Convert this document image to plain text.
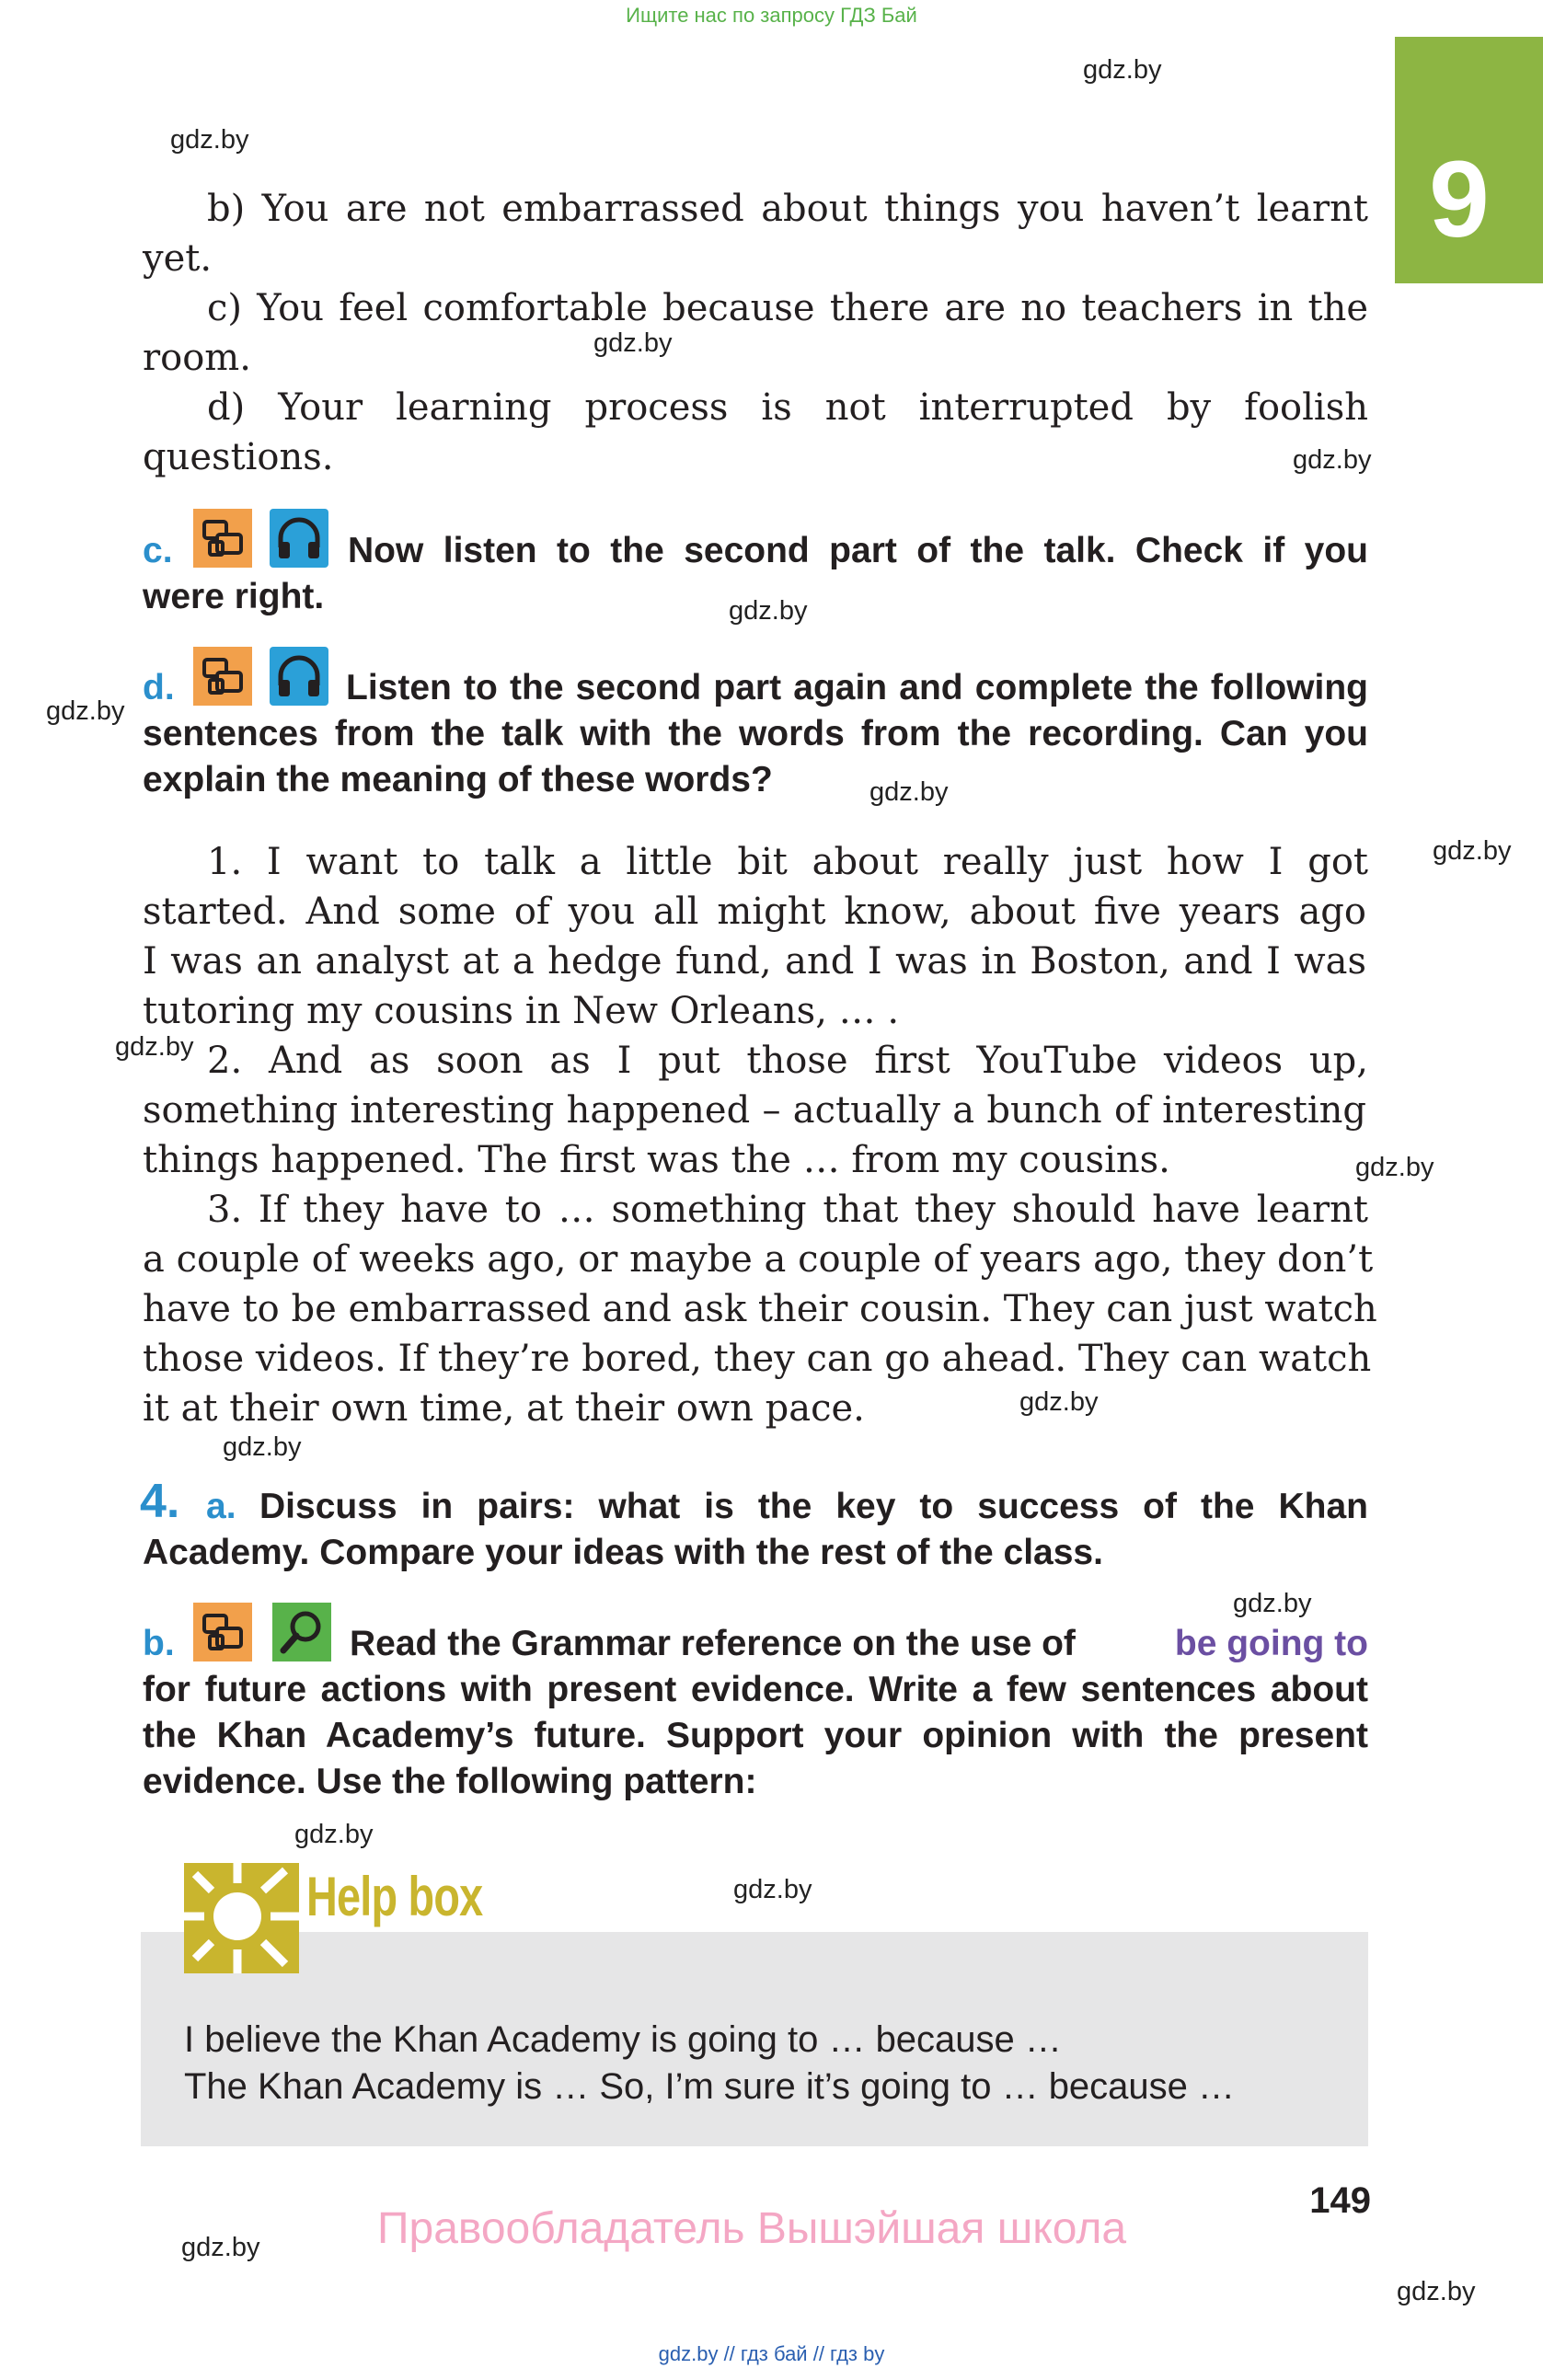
Ищите нас по запросу ГДЗ Бай
9
gdz.by
gdz.by
gdz.by
gdz.by
gdz.by
gdz.by
gdz.by
gdz.by
gdz.by
gdz.by
gdz.by
gdz.by
gdz.by
gdz.by
gdz.by
gdz.by
gdz.by
b) You are not embarrassed about things you haven’t learnt
yet.
c) You feel comfortable because there are no teachers in the
room.
d) Your learning process is not interrupted by foolish
questions.
c.	Now listen to the second part of the talk. Check if you
were right.
d.	Listen to the second part again and complete the following
sentences from the talk with the words from the recording. Can you
explain the meaning of these words?
1. I want to talk a little bit about really just how I got
started. And some of you all might know, about five years ago
I was an analyst at a hedge fund, and I was in Boston, and I was
tutoring my cousins in New Orleans, … .
2. And as soon as I put those first YouTube videos up,
something interesting happened – actually a bunch of interesting
things happened. The first was the … from my cousins.
3. If they have to … something that they should have learnt
a couple of weeks ago, or maybe a couple of years ago, they don’t
have to be embarrassed and ask their cousin. They can just watch
those videos. If they’re bored, they can go ahead. They can watch
it at their own time, at their own pace.
4. a. Discuss in pairs: what is the key to success of the Khan
Academy. Compare your ideas with the rest of the class.
b.	Read the Grammar reference on the use of	be going to
for future actions with present evidence. Write a few sentences about
the Khan Academy’s future. Support your opinion with the present
evidence. Use the following pattern:
Help box
I believe the Khan Academy is going to … because …
The Khan Academy is … So, I’m sure it’s going to … because …
149
Правообладатель Вышэйшая школа
gdz.by // гдз бай // гдз by
